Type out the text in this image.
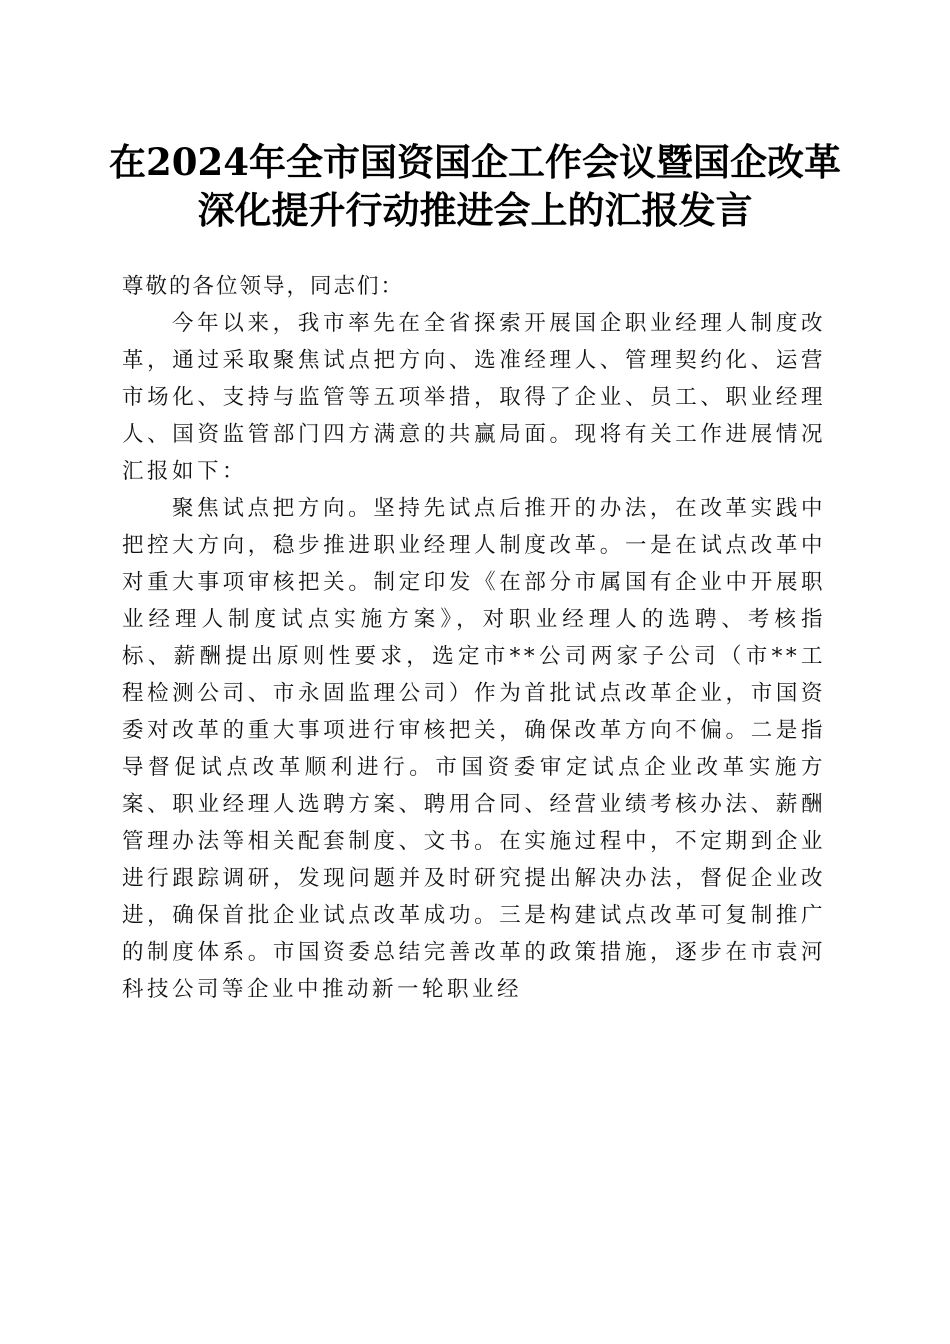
在2024年全市国资国企工作会议暨国企改革
深化提升行动推进会上的汇报发言

尊敬的各位领导，同志们：

今年以来，我市率先在全省探索开展国企职业经理人制度改革，通过采取聚焦试点把方向、选准经理人、管理契约化、运营市场化、支持与监管等五项举措，取得了企业、员工、职业经理人、国资监管部门四方满意的共赢局面。现将有关工作进展情况汇报如下：

聚焦试点把方向。坚持先试点后推开的办法，在改革实践中把控大方向，稳步推进职业经理人制度改革。一是在试点改革中对重大事项审核把关。制定印发《在部分市属国有企业中开展职业经理人制度试点实施方案》，对职业经理人的选聘、考核指标、薪酬提出原则性要求，选定市**公司两家子公司（市**工程检测公司、市永固监理公司）作为首批试点改革企业，市国资委对改革的重大事项进行审核把关，确保改革方向不偏。二是指导督促试点改革顺利进行。市国资委审定试点企业改革实施方案、职业经理人选聘方案、聘用合同、经营业绩考核办法、薪酬管理办法等相关配套制度、文书。在实施过程中，不定期到企业进行跟踪调研，发现问题并及时研究提出解决办法，督促企业改进，确保首批企业试点改革成功。三是构建试点改革可复制推广的制度体系。市国资委总结完善改革的政策措施，逐步在市袁河科技公司等企业中推动新一轮职业经
